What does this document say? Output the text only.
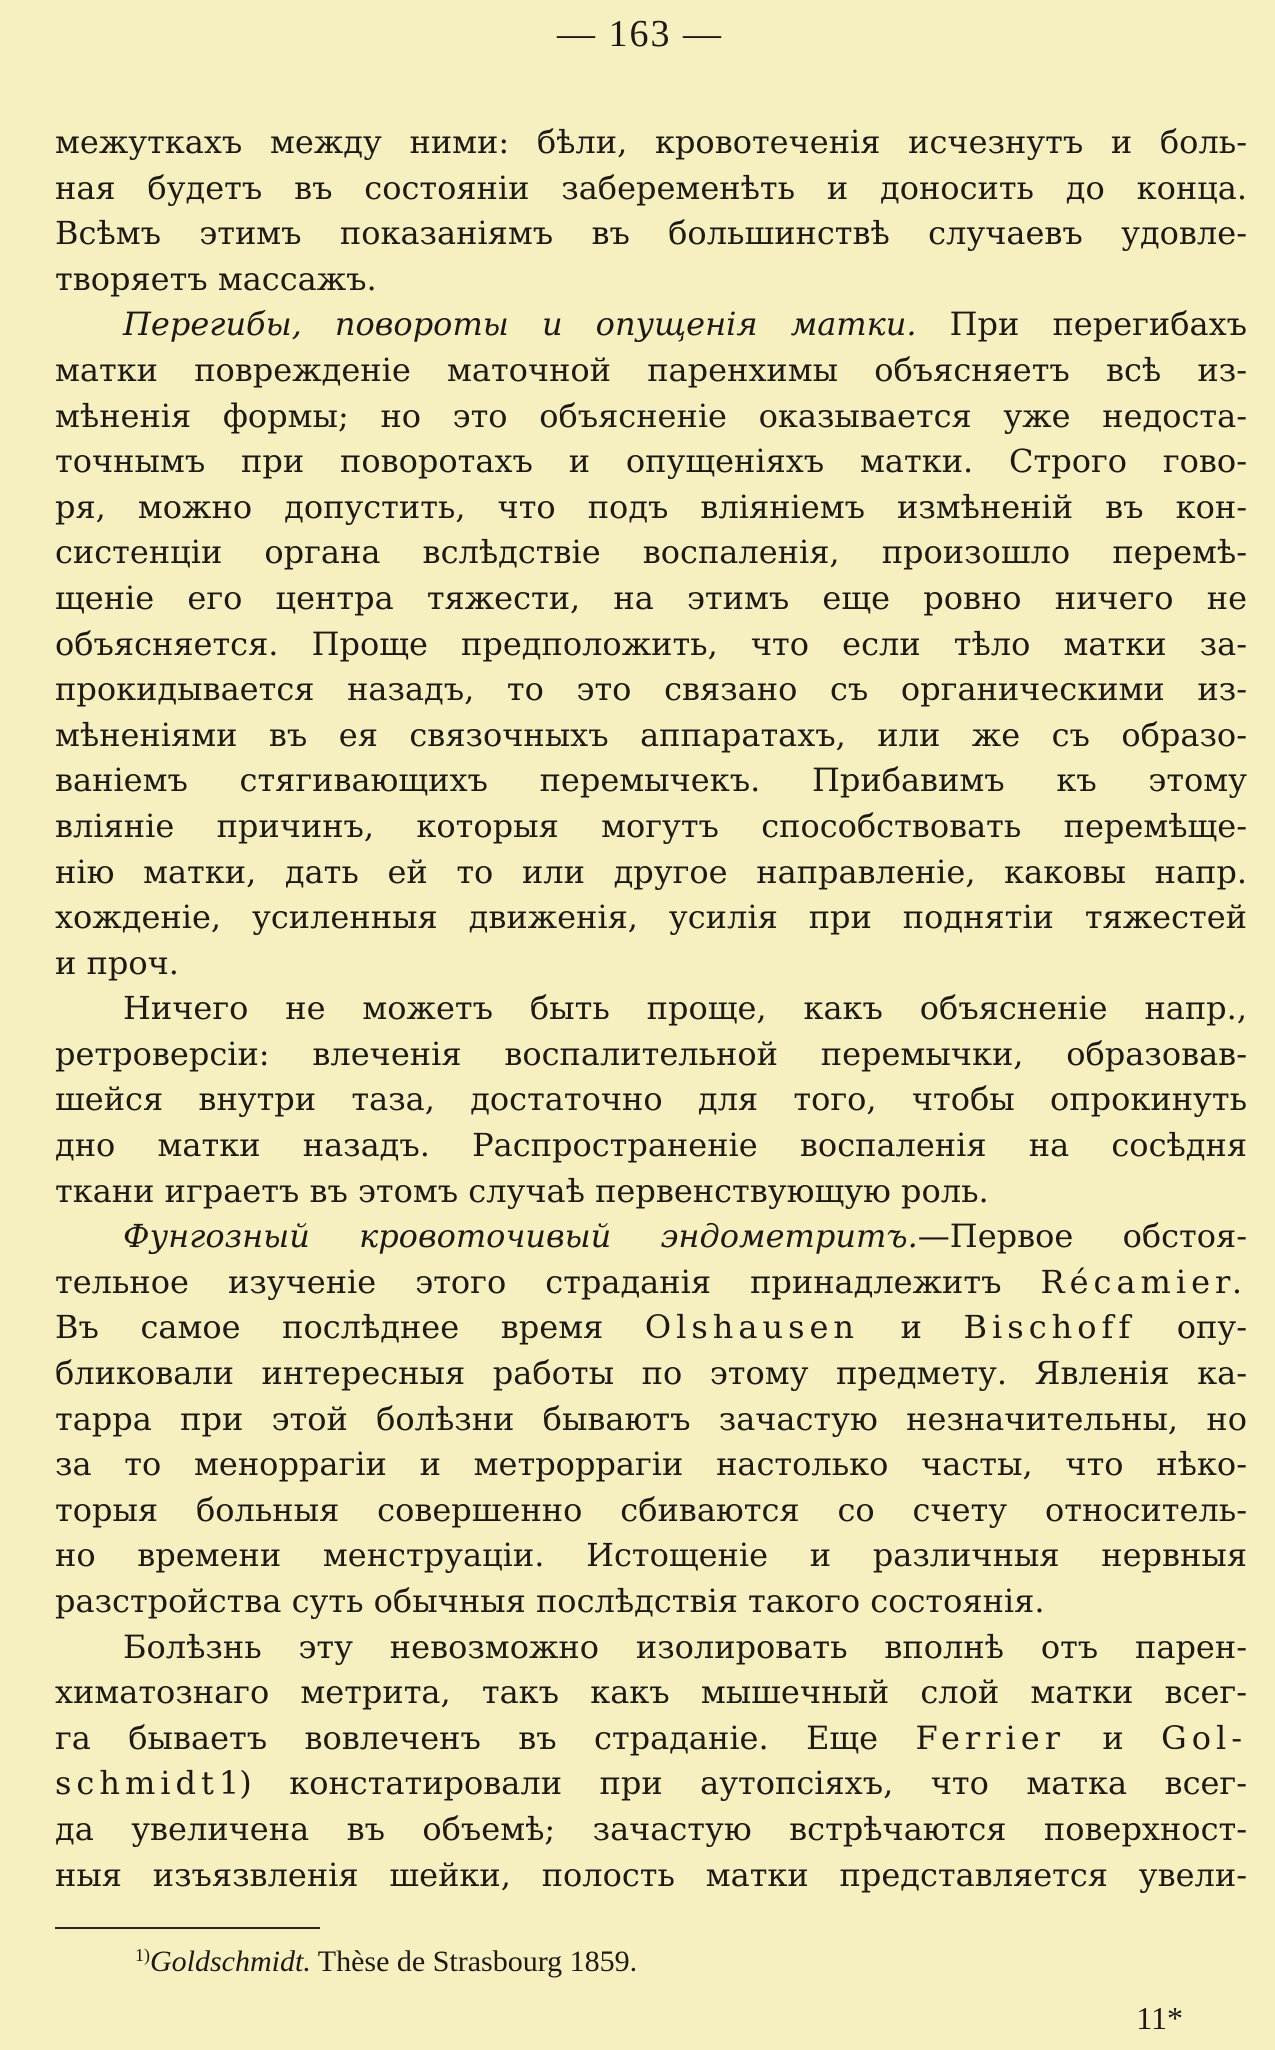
— 163 —
межуткахъ между ними: бѣли, кровотеченія исчезнутъ и боль-
ная будетъ въ состояніи забеременѣть и доносить до конца.
Всѣмъ этимъ показаніямъ въ большинствѣ случаевъ удовле-
творяетъ массажъ.
Перегибы, повороты и опущенія матки. При перегибахъ
матки поврежденіе маточной паренхимы объясняетъ всѣ из-
мѣненія формы; но это объясненіе оказывается уже недоста-
точнымъ при поворотахъ и опущеніяхъ матки. Строго гово-
ря, можно допустить, что подъ вліяніемъ измѣненій въ кон-
систенціи органа вслѣдствіе воспаленія, произошло перемѣ-
щеніе его центра тяжести, на этимъ еще ровно ничего не
объясняется. Проще предположить, что если тѣло матки за-
прокидывается назадъ, то это связано съ органическими из-
мѣненіями въ ея связочныхъ аппаратахъ, или же съ образо-
ваніемъ стягивающихъ перемычекъ. Прибавимъ къ этому
вліяніе причинъ, которыя могутъ способствовать перемѣще-
нію матки, дать ей то или другое направленіе, каковы напр.
хожденіе, усиленныя движенія, усилія при поднятіи тяжестей
и проч.
Ничего не можетъ быть проще, какъ объясненіе напр.,
ретроверсіи: влеченія воспалительной перемычки, образовав-
шейся внутри таза, достаточно для того, чтобы опрокинуть
дно матки назадъ. Распространеніе воспаленія на сосѣдня
ткани играетъ въ этомъ случаѣ первенствующую роль.
Фунгозный кровоточивый эндометритъ.—Первое обстоя-
тельное изученіе этого страданія принадлежитъ Récamier.
Въ самое послѣднее время Olshausen и Bischoff опу-
бликовали интересныя работы по этому предмету. Явленія ка-
тарра при этой болѣзни бываютъ зачастую незначительны, но
за то меноррагіи и метроррагіи настолько часты, что нѣко-
торыя больныя совершенно сбиваются со счету относитель-
но времени менструаціи. Истощеніе и различныя нервныя
разстройства суть обычныя послѣдствія такого состоянія.
Болѣзнь эту невозможно изолировать вполнѣ отъ парен-
химатознаго метрита, такъ какъ мышечный слой матки всег-
га бываетъ вовлеченъ въ страданіе. Еще Ferrier и Gol-
schmidt1) констатировали при аутопсіяхъ, что матка всег-
да увеличена въ объемѣ; зачастую встрѣчаются поверхност-
ныя изъязвленія шейки, полость матки представляется увели-
$^{1)}$Goldschmidt. Thèse de Strasbourg 1859.
11*
